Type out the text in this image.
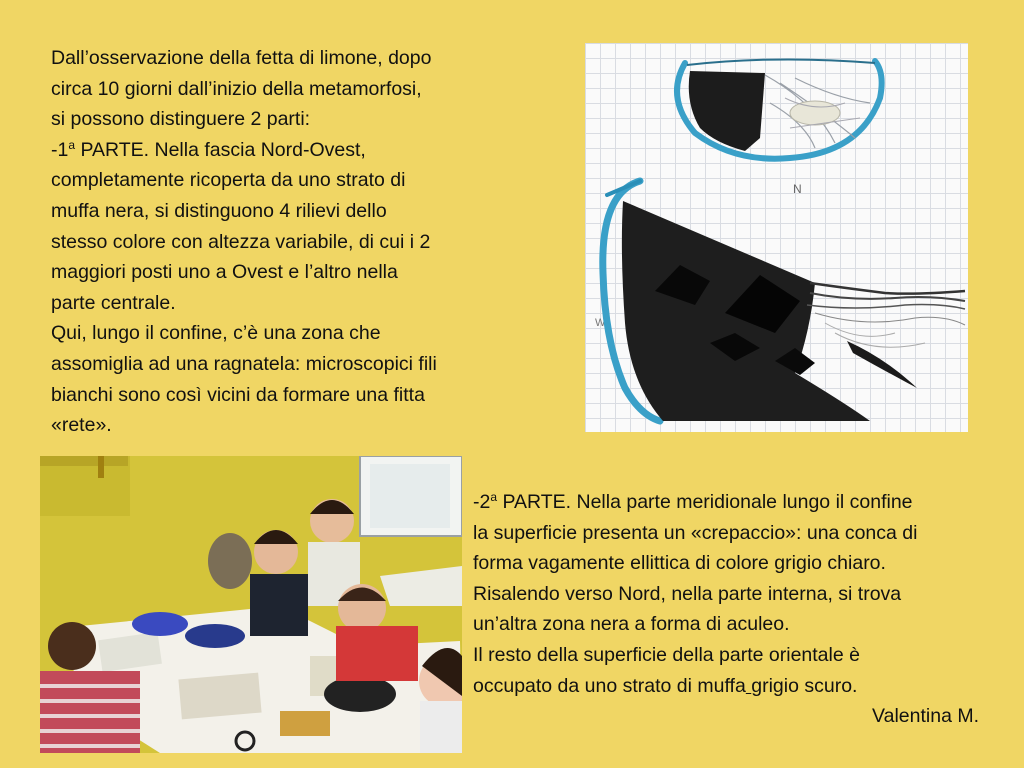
Dall’osservazione della fetta di limone, dopo
circa 10 giorni dall’inizio della metamorfosi,
si possono distinguere 2 parti:
-1$^a$ PARTE. Nella fascia Nord-Ovest,
completamente ricoperta da uno strato di
muffa nera, si distinguono 4 rilievi dello
stesso colore con altezza variabile, di cui i 2
maggiori posti uno a Ovest e l’altro nella
parte centrale.
Qui, lungo il confine, c’è una zona che
assomiglia ad una ragnatela: microscopici fili
bianchi sono così vicini da formare una fitta
«rete».
N
W
-2$^a$ PARTE. Nella parte meridionale lungo il confine
la superficie presenta un «crepaccio»: una conca di
forma vagamente ellittica di colore grigio chiaro.
Risalendo verso Nord, nella parte interna, si trova
un’altra zona nera a forma di aculeo.
Il resto della superficie della parte orientale è
occupato da uno strato di muffa grigio scuro.
Valentina M.
